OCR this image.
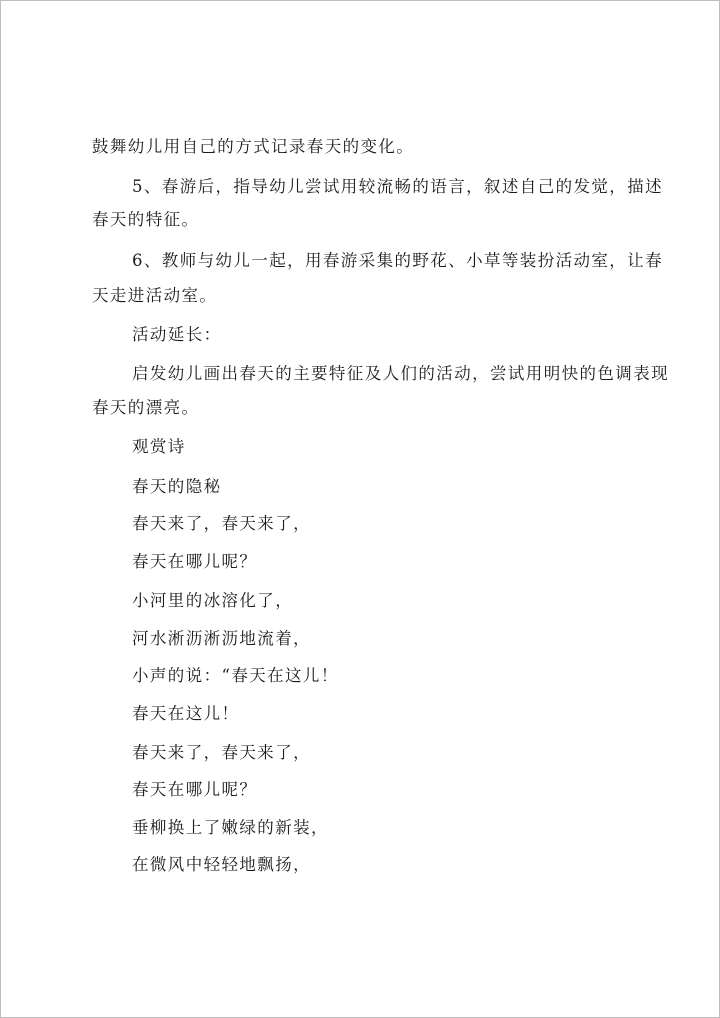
鼓舞幼儿用自己的方式记录春天的变化。
5、春游后，指导幼儿尝试用较流畅的语言，叙述自己的发觉，描述
春天的特征。
6、教师与幼儿一起，用春游采集的野花、小草等装扮活动室，让春
天走进活动室。
活动延长：
启发幼儿画出春天的主要特征及人们的活动，尝试用明快的色调表现
春天的漂亮。
观赏诗
春天的隐秘
春天来了，春天来了，
春天在哪儿呢？
小河里的冰溶化了，
河水淅沥淅沥地流着，
小声的说：“春天在这儿！
春天在这儿！
春天来了，春天来了，
春天在哪儿呢？
垂柳换上了嫩绿的新装，
在微风中轻轻地飘扬，
